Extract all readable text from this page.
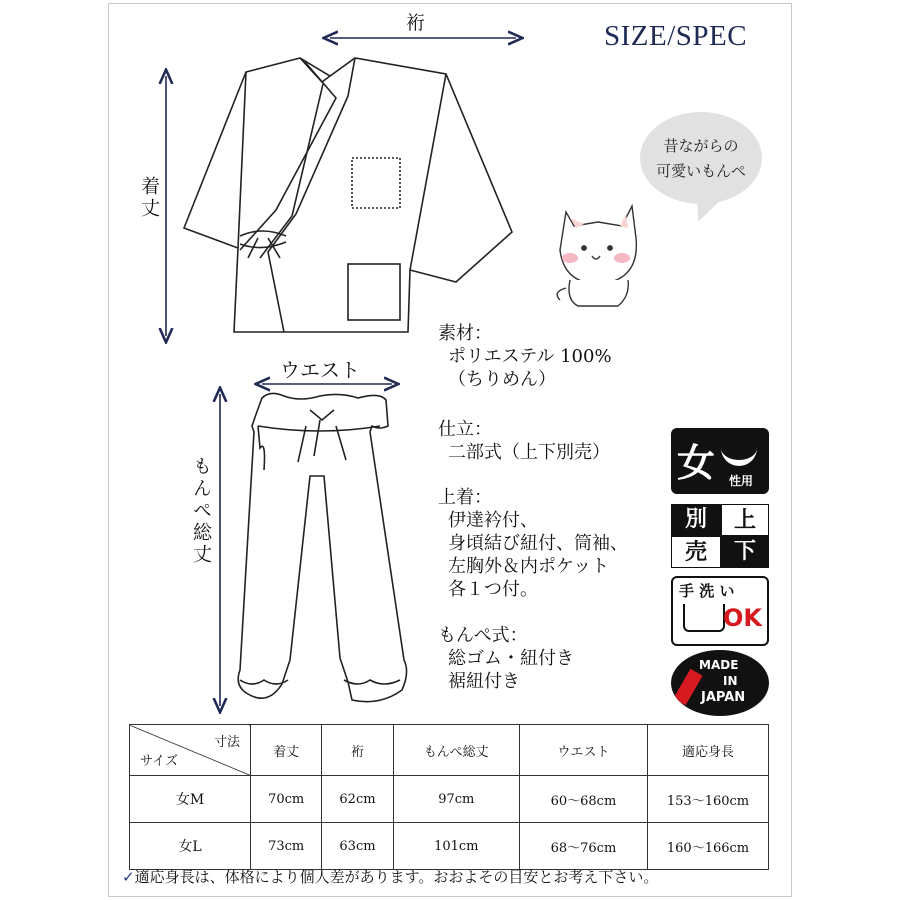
裄
着丈
ウエスト
もんぺ総丈
SIZE/SPEC
昔ながらの
可愛いもんぺ
素材：
ポリエステル 100%
（ちりめん）
仕立：
二部式（上下別売）
上着：
伊達衿付、
身頃結び紐付、筒袖、
左胸外＆内ポケット
各１つ付。
もんぺ式：
総ゴム・紐付き
裾紐付き
女 性用
別	上
売	下
手 洗 い
OK
MADE
IN
JAPAN
寸法
サイズ	着丈	裄	もんぺ総丈	ウエスト	適応身長
女M	70cm	62cm	97cm	60〜68cm	153〜160cm
女L	73cm	63cm	101cm	68〜76cm	160〜166cm
✓適応身長は、体格により個人差があります。おおよその目安とお考え下さい。
